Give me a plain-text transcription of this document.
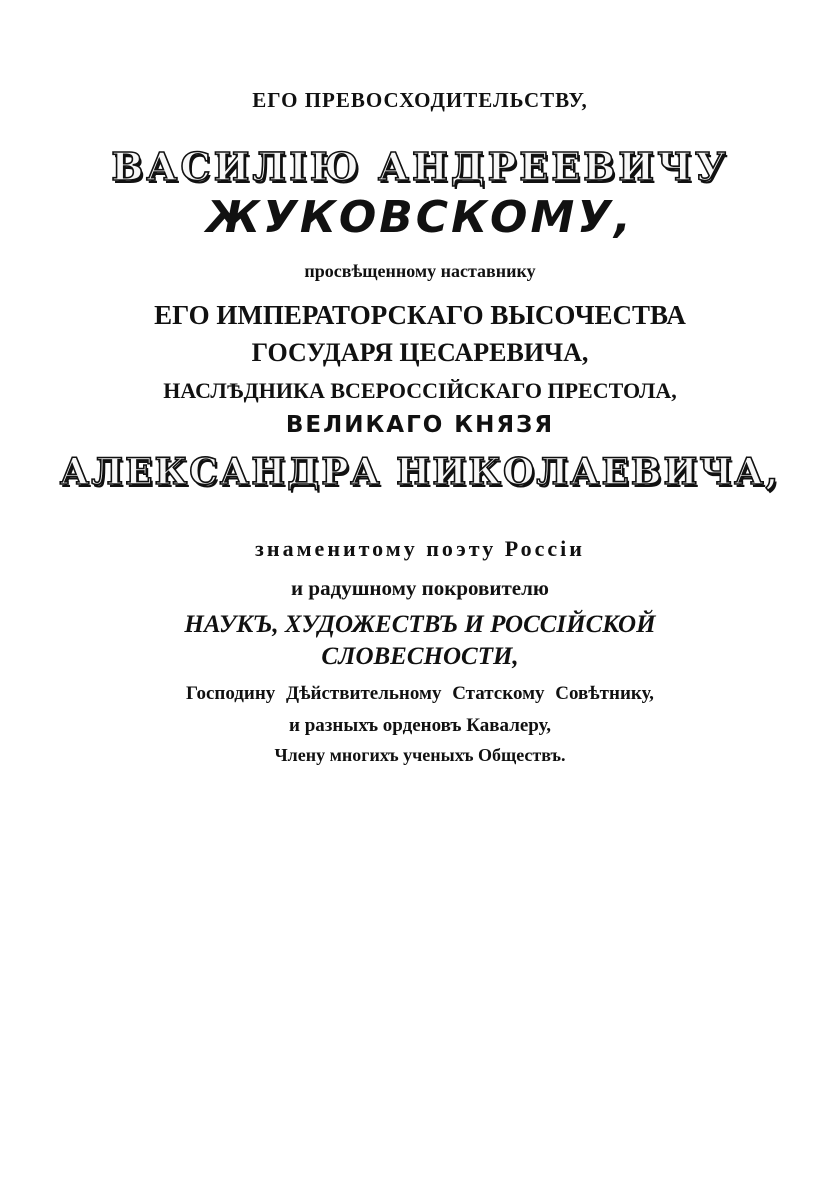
ЕГО ПРЕВОСХОДИТЕЛЬСТВУ,
ВАСИЛІЮ АНДРЕЕВИЧУ
ЖУКОВСКОМУ,
просвѣщенному наставнику
ЕГО ИМПЕРАТОРСКАГО ВЫСОЧЕСТВА
ГОСУДАРЯ ЦЕСАРЕВИЧА,
НАСЛѢДНИКА ВСЕРОССІЙСКАГО ПРЕСТОЛА,
ВЕЛИКАГО КНЯЗЯ
АЛЕКСАНДРА НИКОЛАЕВИЧА,
знаменитому поэту Россіи
и радушному покровителю
НАУКЪ, ХУДОЖЕСТВЪ И РОССІЙСКОЙ
СЛОВЕСНОСТИ,
Господину Дѣйствительному Статскому Совѣтнику,
и разныхъ орденовъ Кавалеру,
Члену многихъ ученыхъ Обществъ.
